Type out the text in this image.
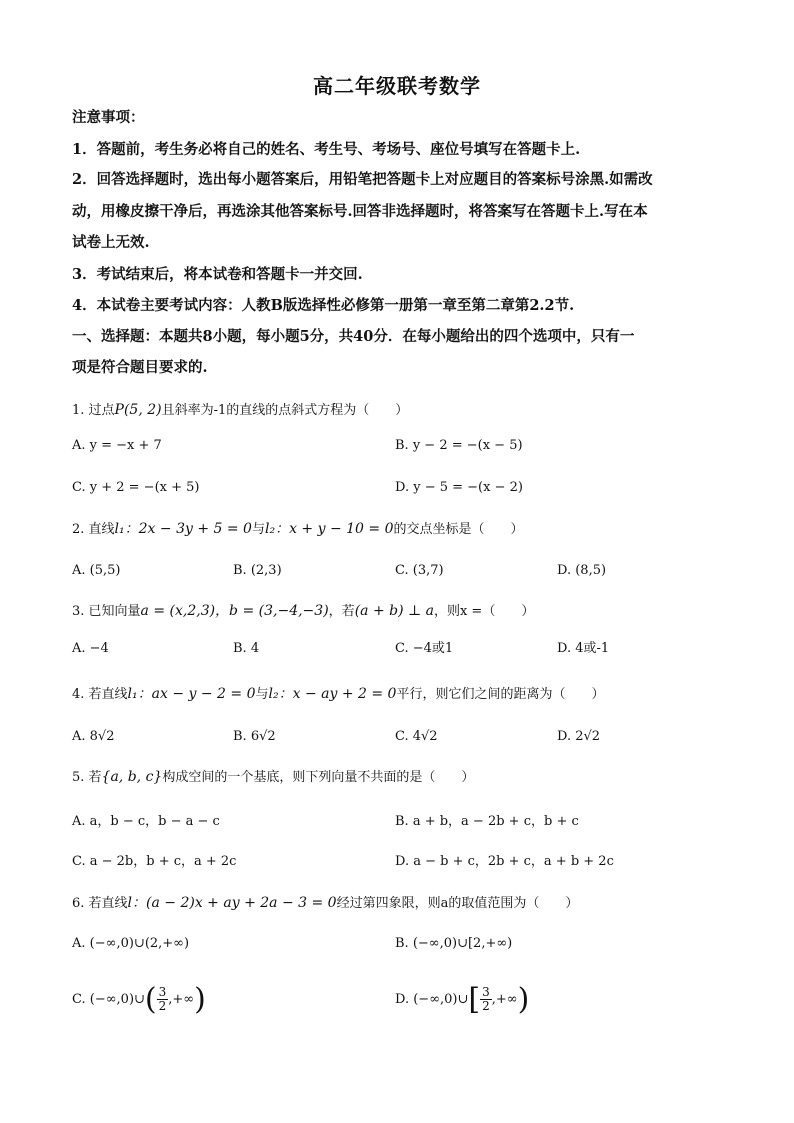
高二年级联考数学
注意事项：
1．答题前，考生务必将自己的姓名、考生号、考场号、座位号填写在答题卡上.
2．回答选择题时，选出每小题答案后，用铅笔把答题卡上对应题目的答案标号涂黑.如需改
动，用橡皮擦干净后，再选涂其他答案标号.回答非选择题时，将答案写在答题卡上.写在本
试卷上无效.
3．考试结束后，将本试卷和答题卡一并交回.
4．本试卷主要考试内容：人教B版选择性必修第一册第一章至第二章第2.2节.
一、选择题：本题共8小题，每小题5分，共40分．在每小题给出的四个选项中，只有一
项是符合题目要求的.
1. 过点P(5, 2)且斜率为-1的直线的点斜式方程为（　　）
A. y = −x + 7	B. y − 2 = −(x − 5)
C. y + 2 = −(x + 5)	D. y − 5 = −(x − 2)
2. 直线l₁：2x − 3y + 5 = 0与l₂：x + y − 10 = 0的交点坐标是（　　）
A. (5,5)	B. (2,3)	C. (3,7)	D. (8,5)
3. 已知向量a = (x,2,3)，b = (3,−4,−3)，若(a + b) ⊥ a，则x =（　　）
A. −4	B. 4	C. −4或1	D. 4或-1
4. 若直线l₁：ax − y − 2 = 0与l₂：x − ay + 2 = 0平行，则它们之间的距离为（　　）
A. 8√2	B. 6√2	C. 4√2	D. 2√2
5. 若{a, b, c}构成空间的一个基底，则下列向量不共面的是（　　）
A. a，b − c，b − a − c	B. a + b，a − 2b + c，b + c
C. a − 2b，b + c，a + 2c	D. a − b + c，2b + c，a + b + 2c
6. 若直线l：(a − 2)x + ay + 2a − 3 = 0经过第四象限，则a的取值范围为（　　）
A. (−∞,0)∪(2,+∞)	B. (−∞,0)∪[2,+∞)
C. (−∞,0)∪( $\frac{3}{2}$ ,+∞)	D. (−∞,0)∪[ $\frac{3}{2}$ ,+∞)
